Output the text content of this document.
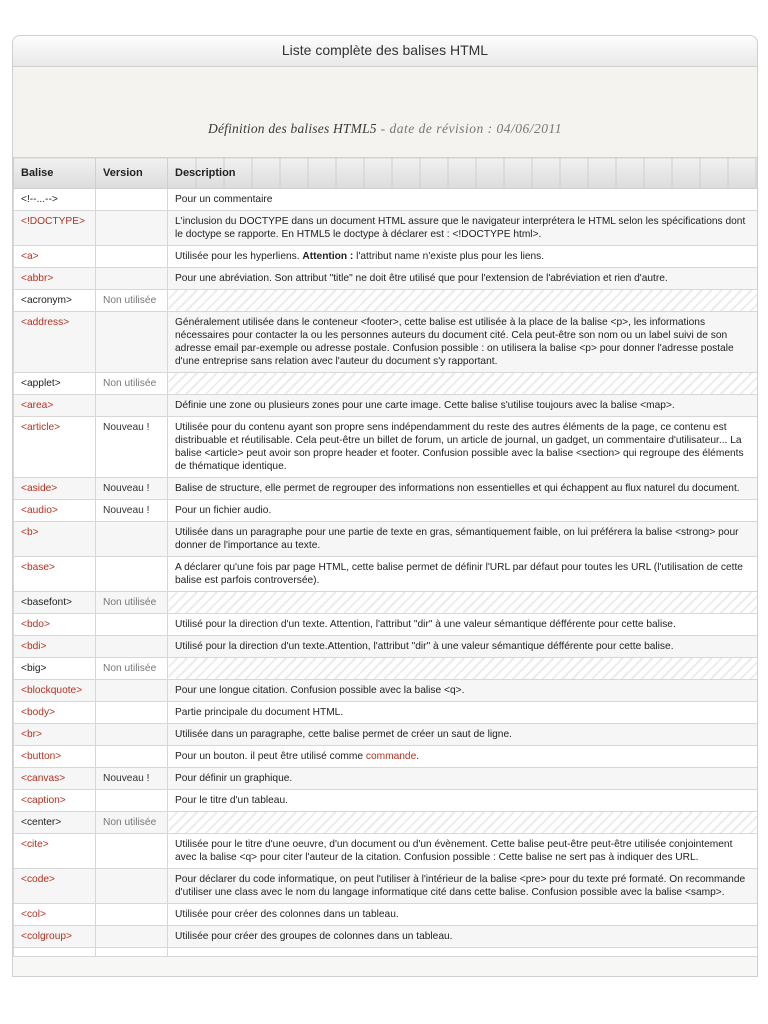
Liste complète des balises HTML
Définition des balises HTML5 - date de révision : 04/06/2011
Balise	Version	Description
<!--...-->		Pour un commentaire
<!DOCTYPE>		L'inclusion du DOCTYPE dans un document HTML assure que le navigateur interprétera le HTML selon les spécifications dont le doctype se rapporte. En HTML5 le doctype à déclarer est : <!DOCTYPE html>.
<a>		Utilisée pour les hyperliens. Attention : l'attribut name n'existe plus pour les liens.
<abbr>		Pour une abréviation. Son attribut "title" ne doit être utilisé que pour l'extension de l'abréviation et rien d'autre.
<acronym>	Non utilisée	
<address>		Généralement utilisée dans le conteneur <footer>, cette balise est utilisée à la place de la balise <p>, les informations nécessaires pour contacter la ou les personnes auteurs du document cité. Cela peut-être son nom ou un label suivi de son adresse email par-exemple ou adresse postale. Confusion possible : on utilisera la balise <p> pour donner l'adresse postale d'une entreprise sans relation avec l'auteur du document s'y rapportant.
<applet>	Non utilisée	
<area>		Définie une zone ou plusieurs zones pour une carte image. Cette balise s'utilise toujours avec la balise <map>.
<article>	Nouveau !	Utilisée pour du contenu ayant son propre sens indépendamment du reste des autres éléments de la page, ce contenu est distribuable et réutilisable. Cela peut-être un billet de forum, un article de journal, un gadget, un commentaire d'utilisateur... La balise <article> peut avoir son propre header et footer. Confusion possible avec la balise <section> qui regroupe des éléments de thématique identique.
<aside>	Nouveau !	Balise de structure, elle permet de regrouper des informations non essentielles et qui échappent au flux naturel du document.
<audio>	Nouveau !	Pour un fichier audio.
<b>		Utilisée dans un paragraphe pour une partie de texte en gras, sémantiquement faible, on lui préférera la balise <strong> pour donner de l'importance au texte.
<base>		A déclarer qu'une fois par page HTML, cette balise permet de définir l'URL par défaut pour toutes les URL (l'utilisation de cette balise est parfois controversée).
<basefont>	Non utilisée	
<bdo>		Utilisé pour la direction d'un texte. Attention, l'attribut "dir" à une valeur sémantique défférente pour cette balise.
<bdi>		Utilisé pour la direction d'un texte.Attention, l'attribut "dir" à une valeur sémantique défférente pour cette balise.
<big>	Non utilisée	
<blockquote>		Pour une longue citation. Confusion possible avec la balise <q>.
<body>		Partie principale du document HTML.
<br>		Utilisée dans un paragraphe, cette balise permet de créer un saut de ligne.
<button>		Pour un bouton. il peut être utilisé comme commande.
<canvas>	Nouveau !	Pour définir un graphique.
<caption>		Pour le titre d'un tableau.
<center>	Non utilisée	
<cite>		Utilisée pour le titre d'une oeuvre, d'un document ou d'un évènement. Cette balise peut-être peut-être utilisée conjointement avec la balise <q> pour citer l'auteur de la citation. Confusion possible : Cette balise ne sert pas à indiquer des URL.
<code>		Pour déclarer du code informatique, on peut l'utiliser à l'intérieur de la balise <pre> pour du texte pré formaté. On recommande d'utiliser une class avec le nom du langage informatique cité dans cette balise. Confusion possible avec la balise <samp>.
<col>		Utilisée pour créer des colonnes dans un tableau.
<colgroup>		Utilisée pour créer des groupes de colonnes dans un tableau.
